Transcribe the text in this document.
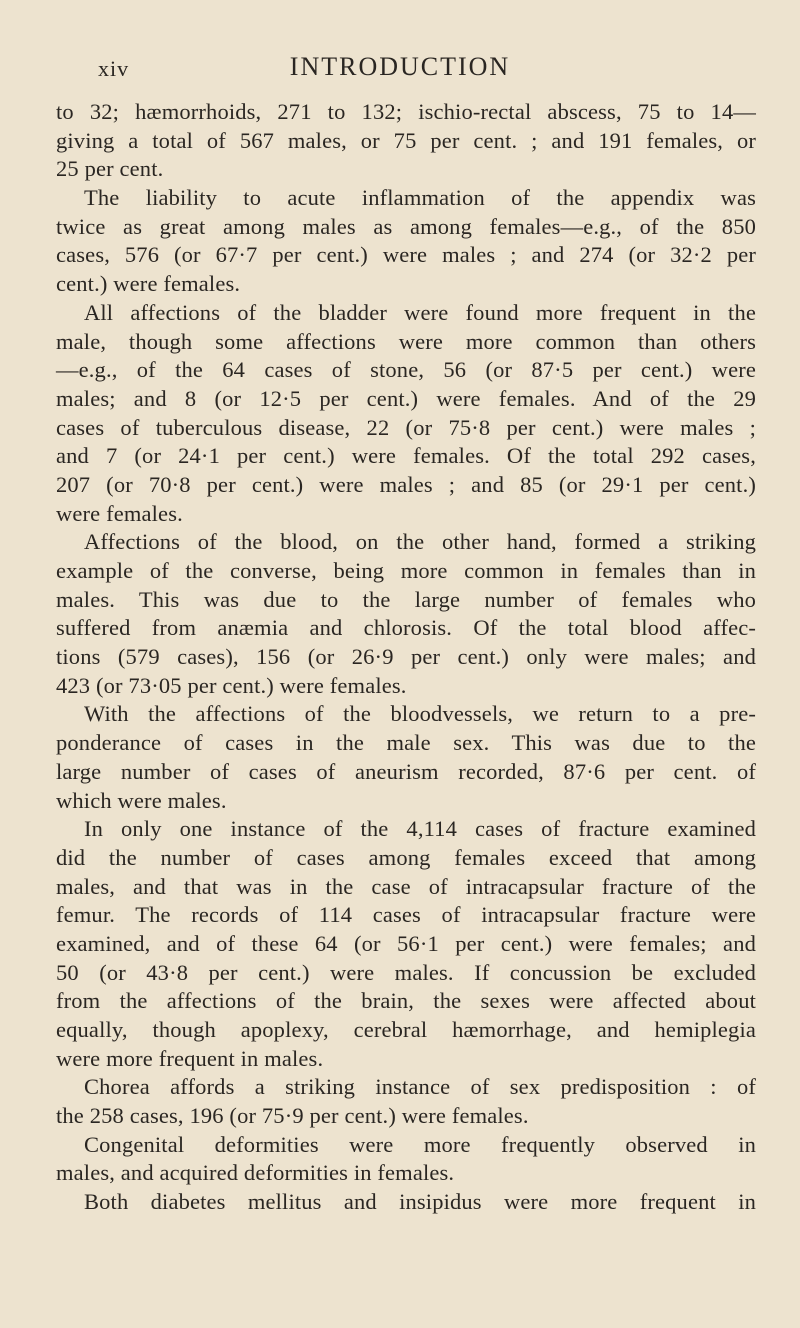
xiv	INTRODUCTION
to 32; hæmorrhoids, 271 to 132; ischio-rectal abscess, 75 to 14—
giving a total of 567 males, or 75 per cent. ; and 191 females, or
25 per cent.
The liability to acute inflammation of the appendix was
twice as great among males as among females—e.g., of the 850
cases, 576 (or 67·7 per cent.) were males ; and 274 (or 32·2 per
cent.) were females.
All affections of the bladder were found more frequent in the
male, though some affections were more common than others
—e.g., of the 64 cases of stone, 56 (or 87·5 per cent.) were
males; and 8 (or 12·5 per cent.) were females. And of the 29
cases of tuberculous disease, 22 (or 75·8 per cent.) were males ;
and 7 (or 24·1 per cent.) were females. Of the total 292 cases,
207 (or 70·8 per cent.) were males ; and 85 (or 29·1 per cent.)
were females.
Affections of the blood, on the other hand, formed a striking
example of the converse, being more common in females than in
males. This was due to the large number of females who
suffered from anæmia and chlorosis. Of the total blood affec-
tions (579 cases), 156 (or 26·9 per cent.) only were males; and
423 (or 73·05 per cent.) were females.
With the affections of the bloodvessels, we return to a pre-
ponderance of cases in the male sex. This was due to the
large number of cases of aneurism recorded, 87·6 per cent. of
which were males.
In only one instance of the 4,114 cases of fracture examined
did the number of cases among females exceed that among
males, and that was in the case of intracapsular fracture of the
femur. The records of 114 cases of intracapsular fracture were
examined, and of these 64 (or 56·1 per cent.) were females; and
50 (or 43·8 per cent.) were males. If concussion be excluded
from the affections of the brain, the sexes were affected about
equally, though apoplexy, cerebral hæmorrhage, and hemiplegia
were more frequent in males.
Chorea affords a striking instance of sex predisposition : of
the 258 cases, 196 (or 75·9 per cent.) were females.
Congenital deformities were more frequently observed in
males, and acquired deformities in females.
Both diabetes mellitus and insipidus were more frequent in
